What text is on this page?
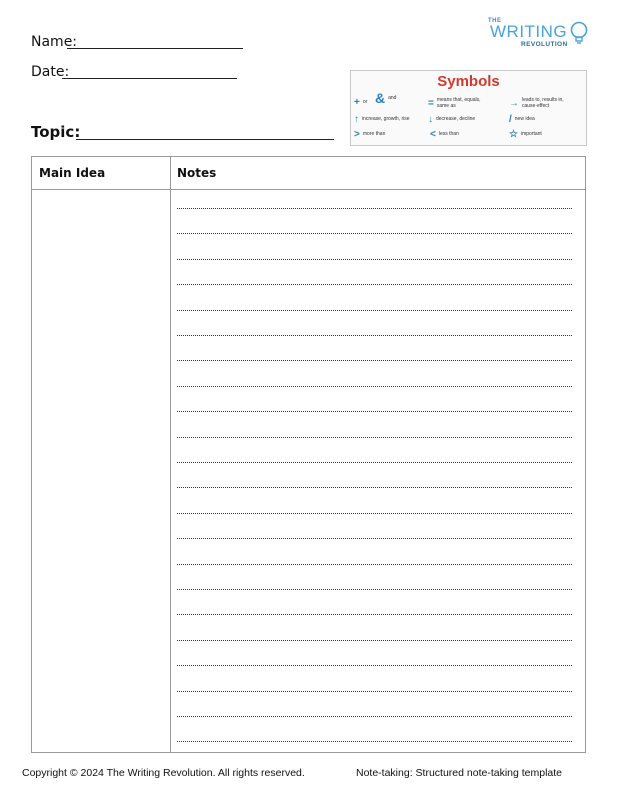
Name:
Date:
Topic:
THE
WRITING
REVOLUTION
Symbols
+ or & and	= means that, equals, same as	→ leads to, results in, cause-effect
↑ increase, growth, rise ↓ decrease, decline	/ new idea
> more than	< less than	☆ important
Main Idea	Notes
Copyright © 2024 The Writing Revolution. All rights reserved.	Note-taking: Structured note-taking template
